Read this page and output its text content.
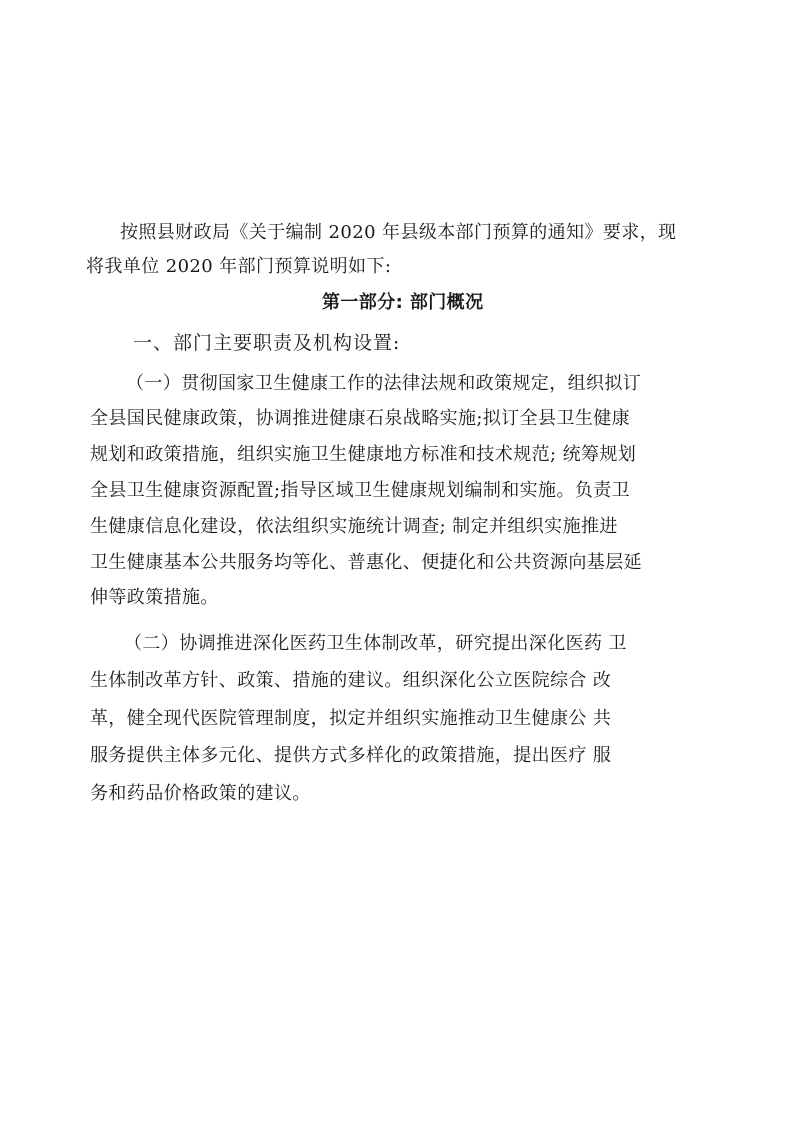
按照县财政局《关于编制 2020 年县级本部门预算的通知》要求，现
将我单位 2020 年部门预算说明如下:
第一部分: 部门概况
一、部门主要职责及机构设置:
（一）贯彻国家卫生健康工作的法律法规和政策规定，组织拟订
全县国民健康政策，协调推进健康石泉战略实施;拟订全县卫生健康
规划和政策措施，组织实施卫生健康地方标准和技术规范; 统筹规划
全县卫生健康资源配置;指导区域卫生健康规划编制和实施。负责卫
生健康信息化建设，依法组织实施统计调查; 制定并组织实施推进
卫生健康基本公共服务均等化、普惠化、便捷化和公共资源向基层延
伸等政策措施。
（二）协调推进深化医药卫生体制改革，研究提出深化医药 卫
生体制改革方针、政策、措施的建议。组织深化公立医院综合 改
革，健全现代医院管理制度，拟定并组织实施推动卫生健康公 共
服务提供主体多元化、提供方式多样化的政策措施，提出医疗 服
务和药品价格政策的建议。
